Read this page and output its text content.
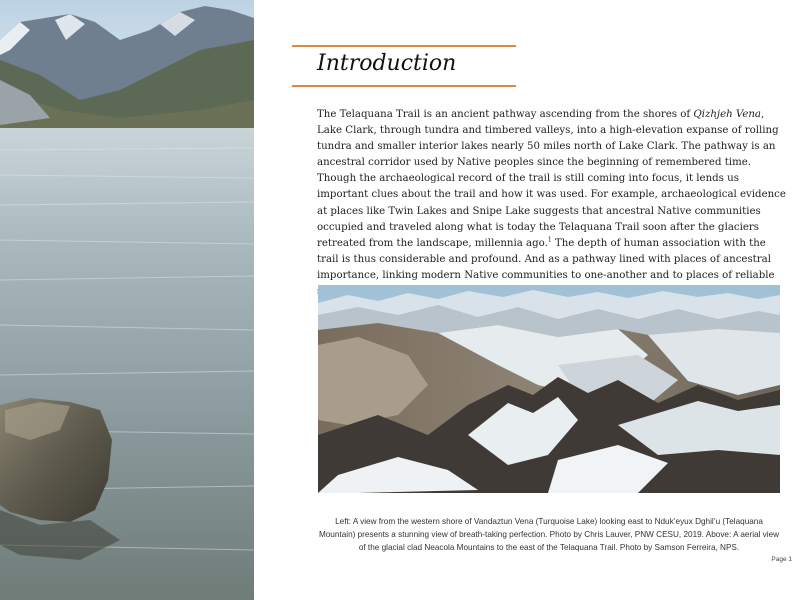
Introduction

The Telaquana Trail is an ancient pathway ascending from the shores of Qizhjeh Vena, Lake Clark, through tundra and timbered valleys, into a high-elevation expanse of rolling tundra and smaller interior lakes nearly 50 miles north of Lake Clark. The pathway is an ancestral corridor used by Native peoples since the beginning of remembered time. Though the archaeological record of the trail is still coming into focus, it lends us important clues about the trail and how it was used. For example, archaeological evidence at places like Twin Lakes and Snipe Lake suggests that ancestral Native communities occupied and traveled along what is today the Telaquana Trail soon after the glaciers retreated from the landscape, millennia ago.$^1$ The depth of human association with the trail is thus considerable and profound. And as a pathway lined with places of ancestral importance, linking modern Native communities to one-another and to places of reliable

Left: A view from the western shore of Vandaztun Vena (Turquoise Lake) looking east to Nduk’eyux Dghil’u (Telaquana Mountain) presents a stunning view of breath-taking perfection. Photo by Chris Lauver, PNW CESU, 2019. Above: A aerial view of the glacial clad Neacola Mountains to the east of the Telaquana Trail. Photo by Samson Ferreira, NPS.

Page 1
